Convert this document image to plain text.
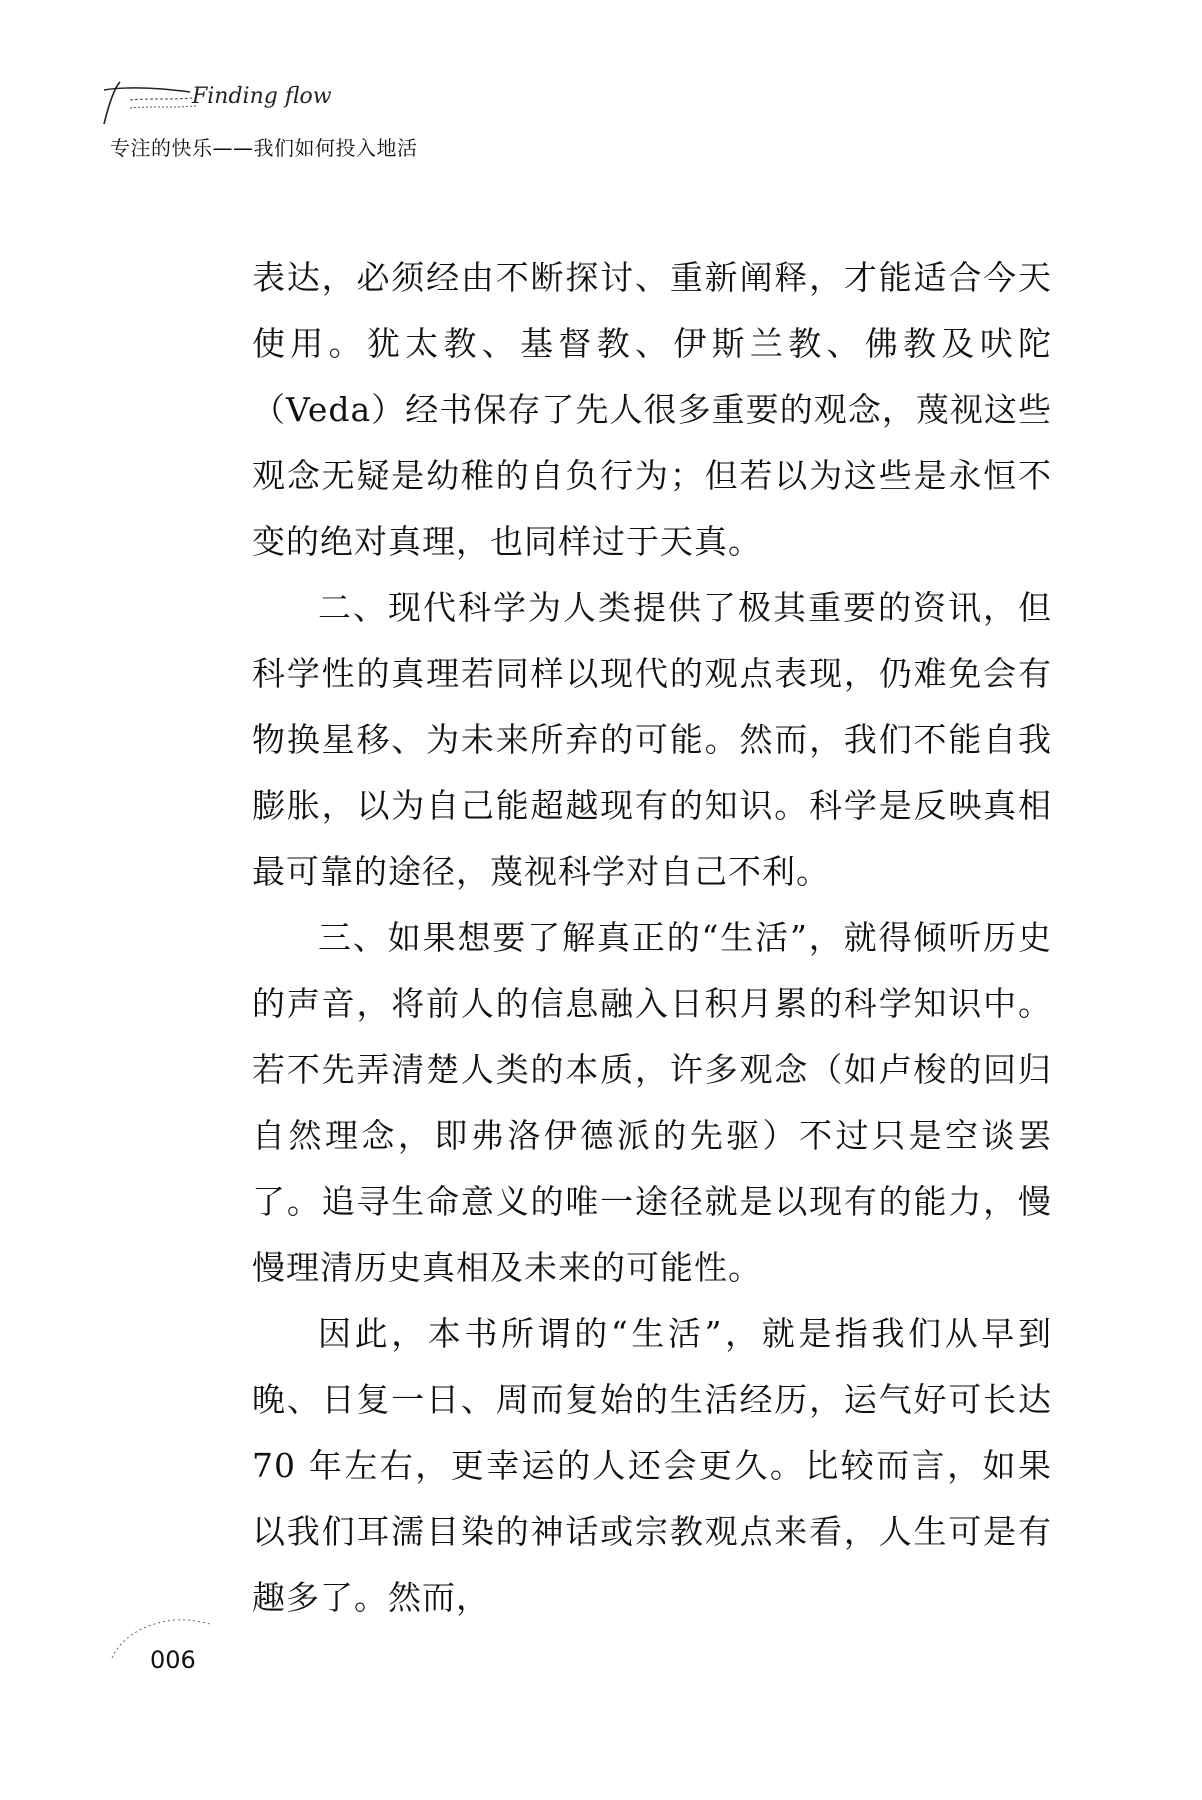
Finding flow
专注的快乐——我们如何投入地活

表达，必须经由不断探讨、重新阐释，才能适合今天使用。犹太教、基督教、伊斯兰教、佛教及吠陀（Veda）经书保存了先人很多重要的观念，蔑视这些观念无疑是幼稚的自负行为；但若以为这些是永恒不变的绝对真理，也同样过于天真。

二、现代科学为人类提供了极其重要的资讯，但科学性的真理若同样以现代的观点表现，仍难免会有物换星移、为未来所弃的可能。然而，我们不能自我膨胀，以为自己能超越现有的知识。科学是反映真相最可靠的途径，蔑视科学对自己不利。

三、如果想要了解真正的“生活”，就得倾听历史的声音，将前人的信息融入日积月累的科学知识中。若不先弄清楚人类的本质，许多观念（如卢梭的回归自然理念，即弗洛伊德派的先驱）不过只是空谈罢了。追寻生命意义的唯一途径就是以现有的能力，慢慢理清历史真相及未来的可能性。

因此，本书所谓的“生活”，就是指我们从早到晚、日复一日、周而复始的生活经历，运气好可长达 70 年左右，更幸运的人还会更久。比较而言，如果以我们耳濡目染的神话或宗教观点来看，人生可是有趣多了。然而，

006
